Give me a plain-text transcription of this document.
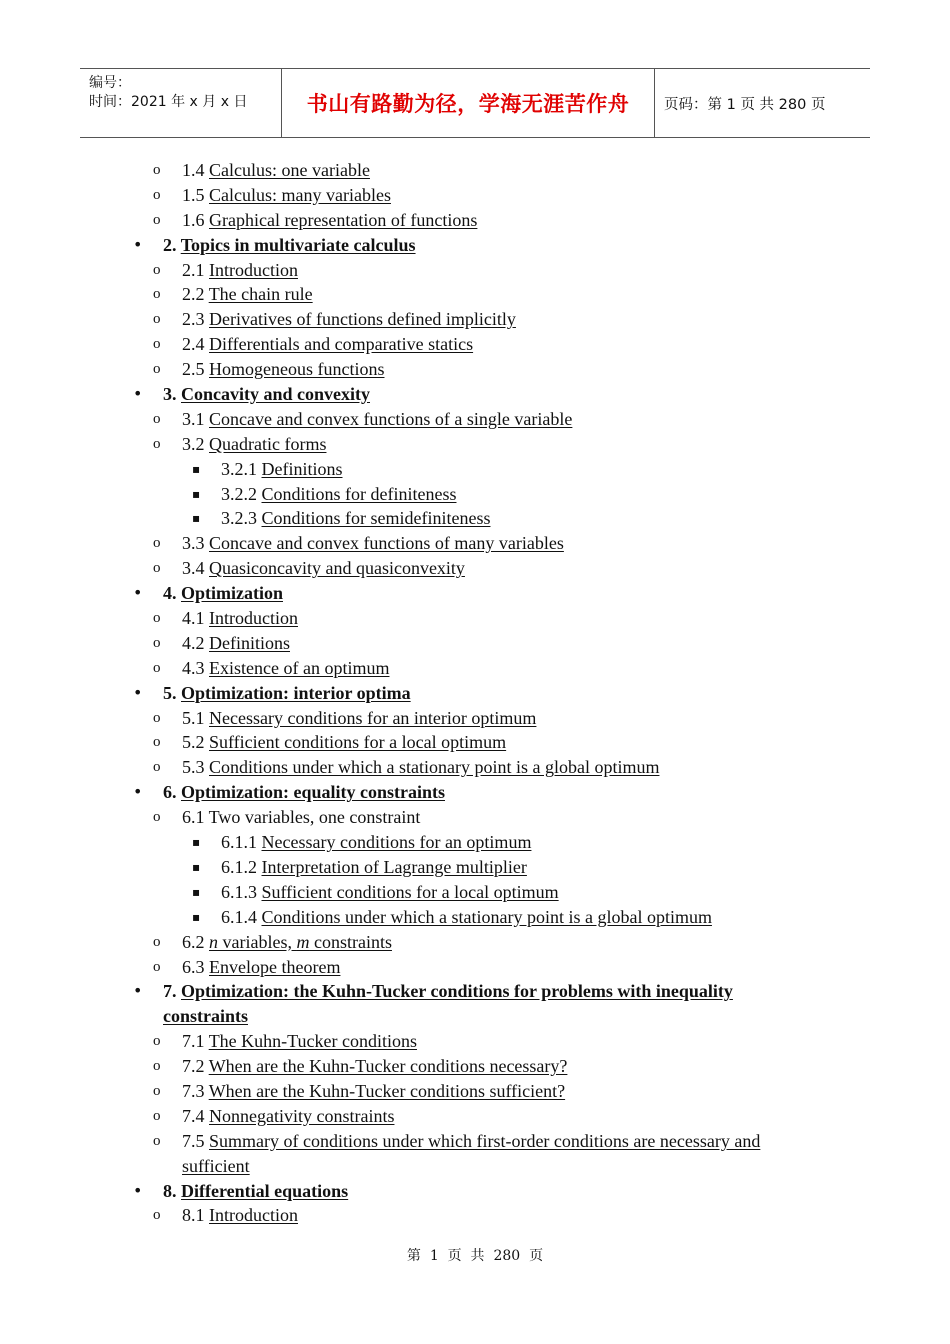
编号：
时间：2021 年 x 月 x 日	书山有路勤为径，学海无涯苦作舟	页码：第 1 页 共 280 页
o 1.4 Calculus: one variable
o 1.5 Calculus: many variables
o 1.6 Graphical representation of functions
• 2. Topics in multivariate calculus
o 2.1 Introduction
o 2.2 The chain rule
o 2.3 Derivatives of functions defined implicitly
o 2.4 Differentials and comparative statics
o 2.5 Homogeneous functions
• 3. Concavity and convexity
o 3.1 Concave and convex functions of a single variable
o 3.2 Quadratic forms
▪ 3.2.1 Definitions
▪ 3.2.2 Conditions for definiteness
▪ 3.2.3 Conditions for semidefiniteness
o 3.3 Concave and convex functions of many variables
o 3.4 Quasiconcavity and quasiconvexity
• 4. Optimization
o 4.1 Introduction
o 4.2 Definitions
o 4.3 Existence of an optimum
• 5. Optimization: interior optima
o 5.1 Necessary conditions for an interior optimum
o 5.2 Sufficient conditions for a local optimum
o 5.3 Conditions under which a stationary point is a global optimum
• 6. Optimization: equality constraints
o 6.1 Two variables, one constraint
▪ 6.1.1 Necessary conditions for an optimum
▪ 6.1.2 Interpretation of Lagrange multiplier
▪ 6.1.3 Sufficient conditions for a local optimum
▪ 6.1.4 Conditions under which a stationary point is a global optimum
o 6.2 n variables, m constraints
o 6.3 Envelope theorem
• 7. Optimization: the Kuhn-Tucker conditions for problems with inequality constraints
o 7.1 The Kuhn-Tucker conditions
o 7.2 When are the Kuhn-Tucker conditions necessary?
o 7.3 When are the Kuhn-Tucker conditions sufficient?
o 7.4 Nonnegativity constraints
o 7.5 Summary of conditions under which first-order conditions are necessary and sufficient
• 8. Differential equations
o 8.1 Introduction
第 1 页 共 280 页
